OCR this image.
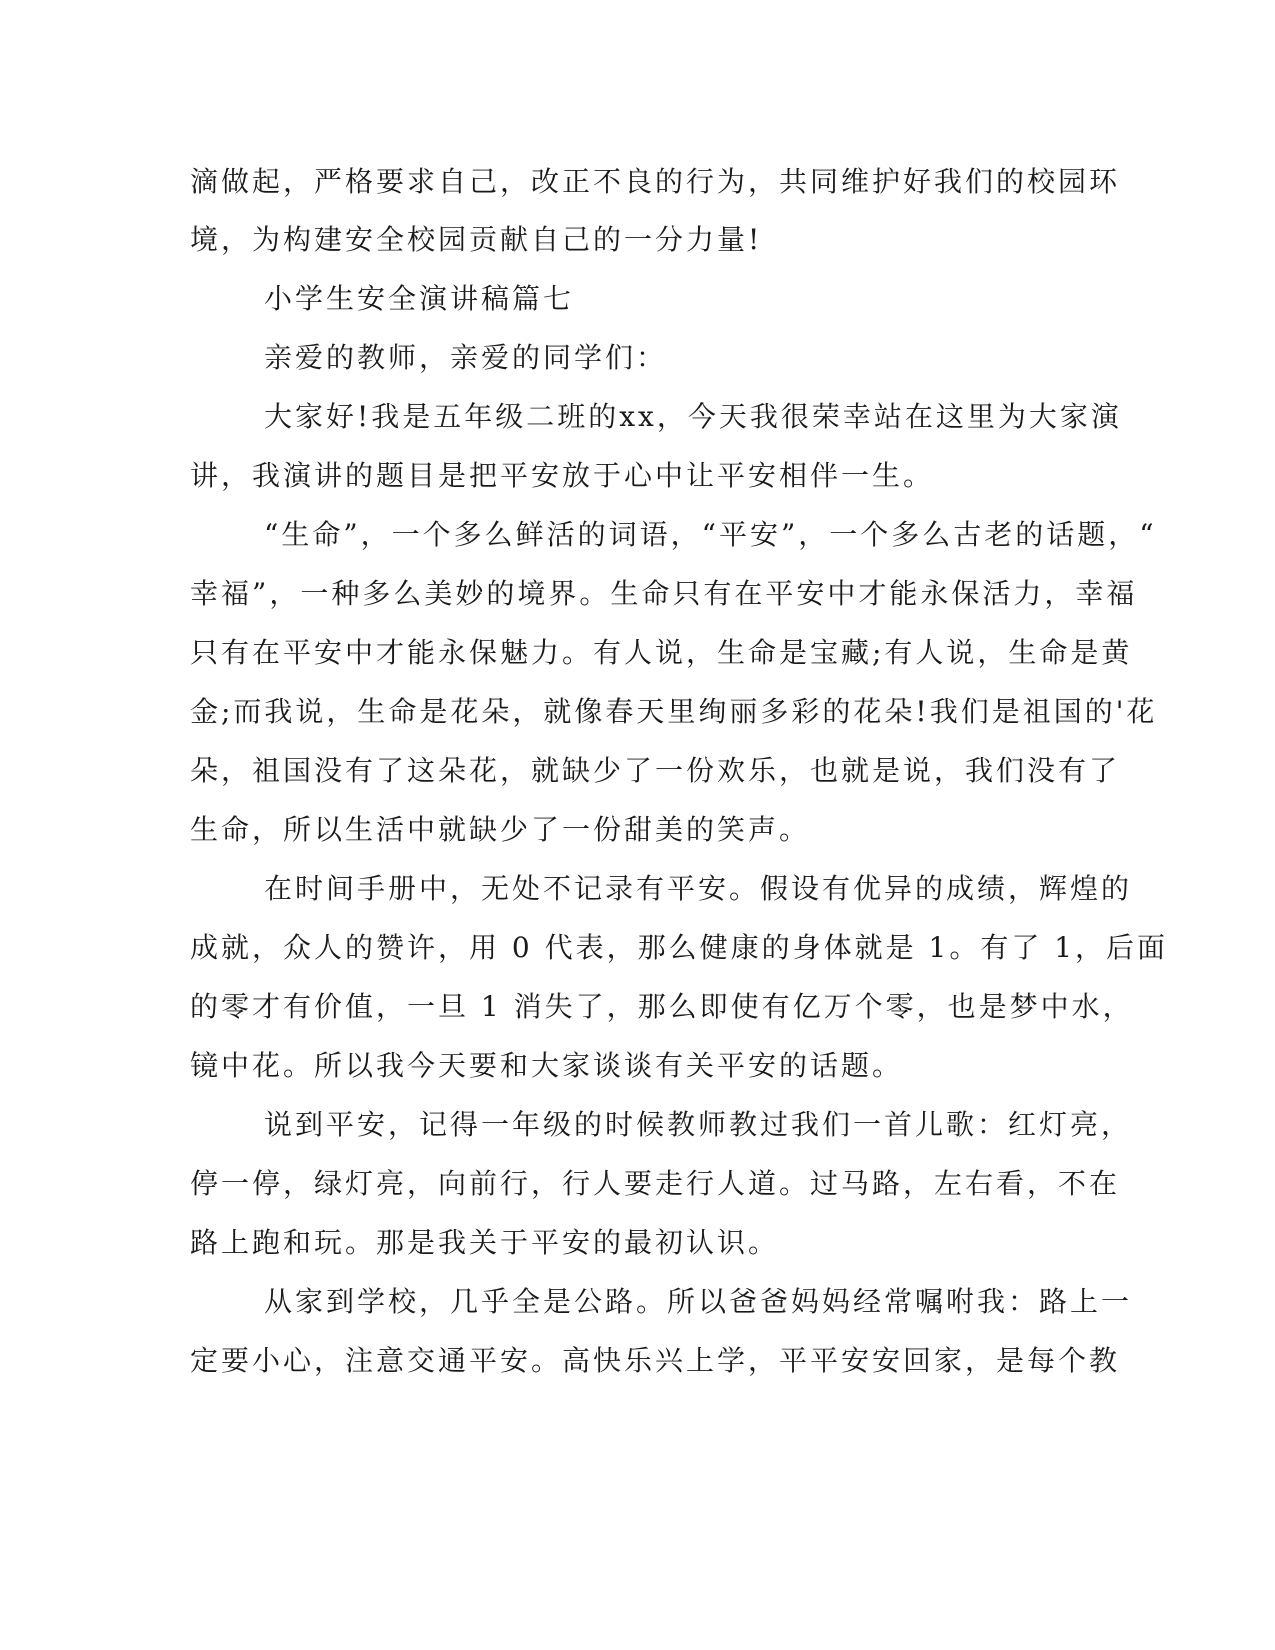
滴做起，严格要求自己，改正不良的行为，共同维护好我们的校园环
境，为构建安全校园贡献自己的一分力量!
小学生安全演讲稿篇七
亲爱的教师，亲爱的同学们：
大家好!我是五年级二班的xx，今天我很荣幸站在这里为大家演
讲，我演讲的题目是把平安放于心中让平安相伴一生。
“生命”，一个多么鲜活的词语，“平安”，一个多么古老的话题，“
幸福”，一种多么美妙的境界。生命只有在平安中才能永保活力，幸福
只有在平安中才能永保魅力。有人说，生命是宝藏;有人说，生命是黄
金;而我说，生命是花朵，就像春天里绚丽多彩的花朵!我们是祖国的'花
朵，祖国没有了这朵花，就缺少了一份欢乐，也就是说，我们没有了
生命，所以生活中就缺少了一份甜美的笑声。
在时间手册中，无处不记录有平安。假设有优异的成绩，辉煌的
成就，众人的赞许，用 0 代表，那么健康的身体就是 1。有了 1，后面
的零才有价值，一旦 1 消失了，那么即使有亿万个零，也是梦中水，
镜中花。所以我今天要和大家谈谈有关平安的话题。
说到平安，记得一年级的时候教师教过我们一首儿歌：红灯亮，
停一停，绿灯亮，向前行，行人要走行人道。过马路，左右看，不在
路上跑和玩。那是我关于平安的最初认识。
从家到学校，几乎全是公路。所以爸爸妈妈经常嘱咐我：路上一
定要小心，注意交通平安。高快乐兴上学，平平安安回家，是每个教
